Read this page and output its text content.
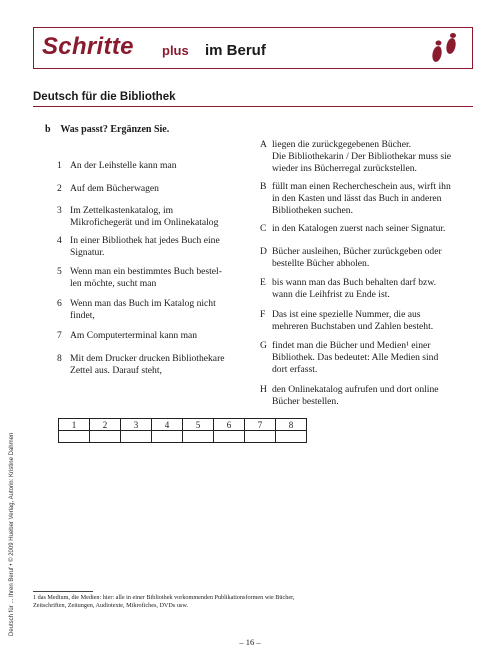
Schritte plus im Beruf
Deutsch für die Bibliothek
b Was passt? Ergänzen Sie.
1 An der Leihstelle kann man
2 Auf dem Bücherwagen
3 Im Zettelkastenkatalog, im
Mikrofichegerät und im Onlinekatalog
4 In einer Bibliothek hat jedes Buch eine
Signatur.
5 Wenn man ein bestimmtes Buch bestel-
len möchte, sucht man
6 Wenn man das Buch im Katalog nicht
findet,
7 Am Computerterminal kann man
8 Mit dem Drucker drucken Bibliothekare
Zettel aus. Darauf steht,
A liegen die zurückgegebenen Bücher.
Die Bibliothekarin / Der Bibliothekar muss sie
wieder ins Bücherregal zurückstellen.
B füllt man einen Rechercheschein aus, wirft ihn
in den Kasten und lässt das Buch in anderen
Bibliotheken suchen.
C in den Katalogen zuerst nach seiner Signatur.
D Bücher ausleihen, Bücher zurückgeben oder
bestellte Bücher abholen.
E bis wann man das Buch behalten darf bzw.
wann die Leihfrist zu Ende ist.
F Das ist eine spezielle Nummer, die aus
mehreren Buchstaben und Zahlen besteht.
G findet man die Bücher und Medien¹ einer
Bibliothek. Das bedeutet: Alle Medien sind
dort erfasst.
H den Onlinekatalog aufrufen und dort online
Bücher bestellen.
1	2	3	4	5	6	7	8

Deutsch für ... Ihren Beruf • © 2009 Hueber Verlag, Autorin: Kristine Dahmen	1 das Medium, die Medien: hier: alle in einer Bibliothek vorkommenden Publikationsformen wie Bücher,
Zeitschriften, Zeitungen, Audiotexte, Mikrofiches, DVDs usw.
– 16 –
